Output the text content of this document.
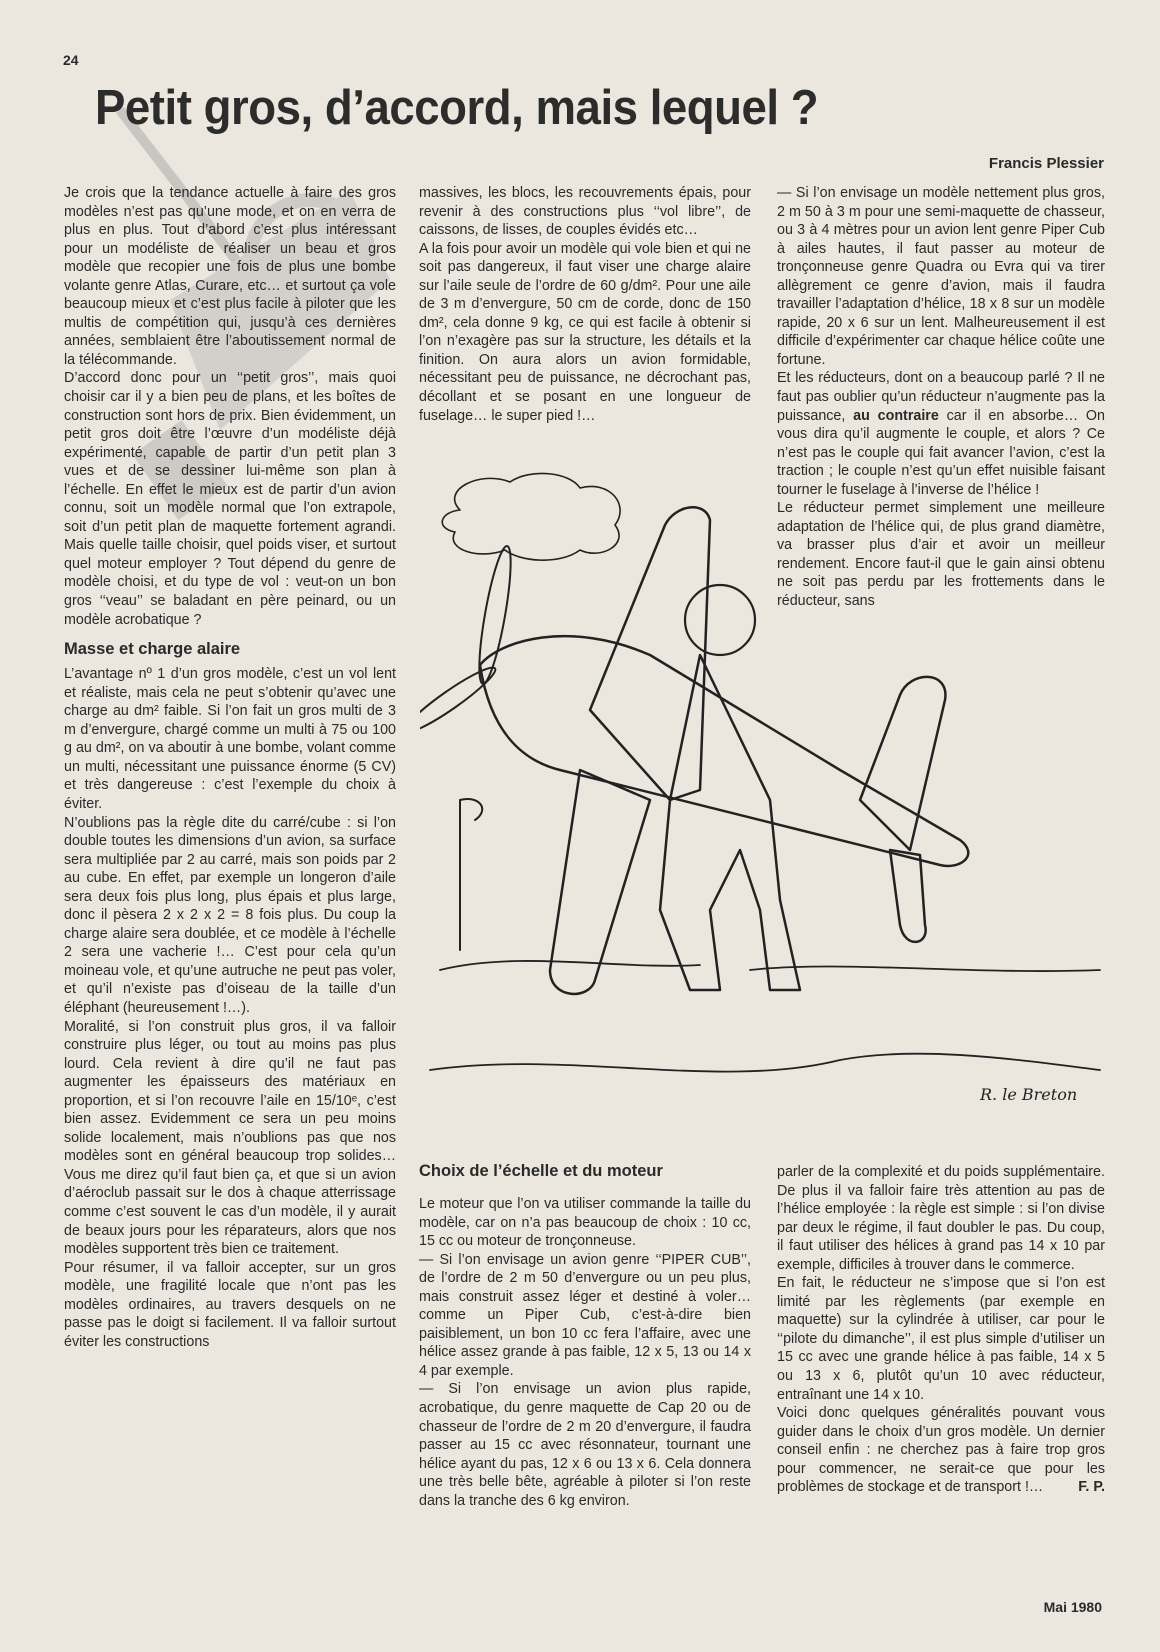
24
Petit gros, d’accord, mais lequel ?
Francis Plessier

Je crois que la tendance actuelle à faire des gros modèles n’est pas qu’une mode, et on en verra de plus en plus. Tout d’abord c’est plus intéressant pour un modéliste de réaliser un beau et gros modèle que recopier une fois de plus une bombe volante genre Atlas, Curare, etc… et surtout ça vole beaucoup mieux et c’est plus facile à piloter que les multis de compétition qui, jusqu’à ces dernières années, semblaient être l’aboutissement normal de la télécommande.

D’accord donc pour un ‘‘petit gros’’, mais quoi choisir car il y a bien peu de plans, et les boîtes de construction sont hors de prix. Bien évidemment, un petit gros doit être l’œuvre d’un modéliste déjà expérimenté, capable de partir d’un petit plan 3 vues et de se dessiner lui-même son plan à l’échelle. En effet le mieux est de partir d’un avion connu, soit un modèle normal que l’on extrapole, soit d’un petit plan de maquette fortement agrandi. Mais quelle taille choisir, quel poids viser, et surtout quel moteur employer ? Tout dépend du genre de modèle choisi, et du type de vol : veut-on un bon gros ‘‘veau’’ se baladant en père peinard, ou un modèle acrobatique ?

Masse et charge alaire

L’avantage nº 1 d’un gros modèle, c’est un vol lent et réaliste, mais cela ne peut s’obtenir qu’avec une charge au dm² faible. Si l’on fait un gros multi de 3 m d’envergure, chargé comme un multi à 75 ou 100 g au dm², on va aboutir à une bombe, volant comme un multi, nécessitant une puissance énorme (5 CV) et très dangereuse : c’est l’exemple du choix à éviter.

N’oublions pas la règle dite du carré/cube : si l’on double toutes les dimensions d’un avion, sa surface sera multipliée par 2 au carré, mais son poids par 2 au cube. En effet, par exemple un longeron d’aile sera deux fois plus long, plus épais et plus large, donc il pèsera 2 x 2 x 2 = 8 fois plus. Du coup la charge alaire sera doublée, et ce modèle à l’échelle 2 sera une vacherie !… C’est pour cela qu’un moineau vole, et qu’une autruche ne peut pas voler, et qu’il n’existe pas d’oiseau de la taille d’un éléphant (heureusement !…).

Moralité, si l’on construit plus gros, il va falloir construire plus léger, ou tout au moins pas plus lourd. Cela revient à dire qu’il ne faut pas augmenter les épaisseurs des matériaux en proportion, et si l’on recouvre l’aile en 15/10ᵉ, c’est bien assez. Evidemment ce sera un peu moins solide localement, mais n’oublions pas que nos modèles sont en général beaucoup trop solides… Vous me direz qu’il faut bien ça, et que si un avion d’aéroclub passait sur le dos à chaque atterrissage comme c’est souvent le cas d’un modèle, il y aurait de beaux jours pour les réparateurs, alors que nos modèles supportent très bien ce traitement.

Pour résumer, il va falloir accepter, sur un gros modèle, une fragilité locale que n’ont pas les modèles ordinaires, au travers desquels on ne passe pas le doigt si facilement. Il va falloir surtout éviter les constructions

massives, les blocs, les recouvrements épais, pour revenir à des constructions plus ‘‘vol libre’’, de caissons, de lisses, de couples évidés etc…

A la fois pour avoir un modèle qui vole bien et qui ne soit pas dangereux, il faut viser une charge alaire sur l’aile seule de l’ordre de 60 g/dm². Pour une aile de 3 m d’envergure, 50 cm de corde, donc de 150 dm², cela donne 9 kg, ce qui est facile à obtenir si l’on n’exagère pas sur la structure, les détails et la finition. On aura alors un avion formidable, nécessitant peu de puissance, ne décrochant pas, décollant et se posant en une longueur de fuselage… le super pied !…

— Si l’on envisage un modèle nettement plus gros, 2 m 50 à 3 m pour une semi-maquette de chasseur, ou 3 à 4 mètres pour un avion lent genre Piper Cub à ailes hautes, il faut passer au moteur de tronçonneuse genre Quadra ou Evra qui va tirer allègrement ce genre d’avion, mais il faudra travailler l’adaptation d’hélice, 18 x 8 sur un modèle rapide, 20 x 6 sur un lent. Malheureusement il est difficile d’expérimenter car chaque hélice coûte une fortune.

Et les réducteurs, dont on a beaucoup parlé ? Il ne faut pas oublier qu’un réducteur n’augmente pas la puissance, au contraire car il en absorbe… On vous dira qu’il augmente le couple, et alors ? Ce n’est pas le couple qui fait avancer l’avion, c’est la traction ; le couple n’est qu’un effet nuisible faisant tourner le fuselage à l’inverse de l’hélice !

Le réducteur permet simplement une meilleure adaptation de l’hélice qui, de plus grand diamètre, va brasser plus d’air et avoir un meilleur rendement. Encore faut-il que le gain ainsi obtenu ne soit pas perdu par les frottements dans le réducteur, sans

R. le Breton
Choix de l’échelle et du moteur

Le moteur que l’on va utiliser commande la taille du modèle, car on n’a pas beaucoup de choix : 10 cc, 15 cc ou moteur de tronçonneuse.

— Si l’on envisage un avion genre ‘‘PIPER CUB’’, de l’ordre de 2 m 50 d’envergure ou un peu plus, mais construit assez léger et destiné à voler… comme un Piper Cub, c’est-à-dire bien paisiblement, un bon 10 cc fera l’affaire, avec une hélice assez grande à pas faible, 12 x 5, 13 ou 14 x 4 par exemple.

— Si l’on envisage un avion plus rapide, acrobatique, du genre maquette de Cap 20 ou de chasseur de l’ordre de 2 m 20 d’envergure, il faudra passer au 15 cc avec résonnateur, tournant une hélice ayant du pas, 12 x 6 ou 13 x 6. Cela donnera une très belle bête, agréable à piloter si l’on reste dans la tranche des 6 kg environ.

parler de la complexité et du poids supplémentaire. De plus il va falloir faire très attention au pas de l’hélice employée : la règle est simple : si l’on divise par deux le régime, il faut doubler le pas. Du coup, il faut utiliser des hélices à grand pas 14 x 10 par exemple, difficiles à trouver dans le commerce.

En fait, le réducteur ne s’impose que si l’on est limité par les règlements (par exemple en maquette) sur la cylindrée à utiliser, car pour le ‘‘pilote du dimanche’’, il est plus simple d’utiliser un 15 cc avec une grande hélice à pas faible, 14 x 5 ou 13 x 6, plutôt qu’un 10 avec réducteur, entraînant une 14 x 10.

Voici donc quelques généralités pouvant vous guider dans le choix d’un gros modèle. Un dernier conseil enfin : ne cherchez pas à faire trop gros pour commencer, ne serait-ce que pour les problèmes de stockage et de transport !… F. P.

Mai 1980
